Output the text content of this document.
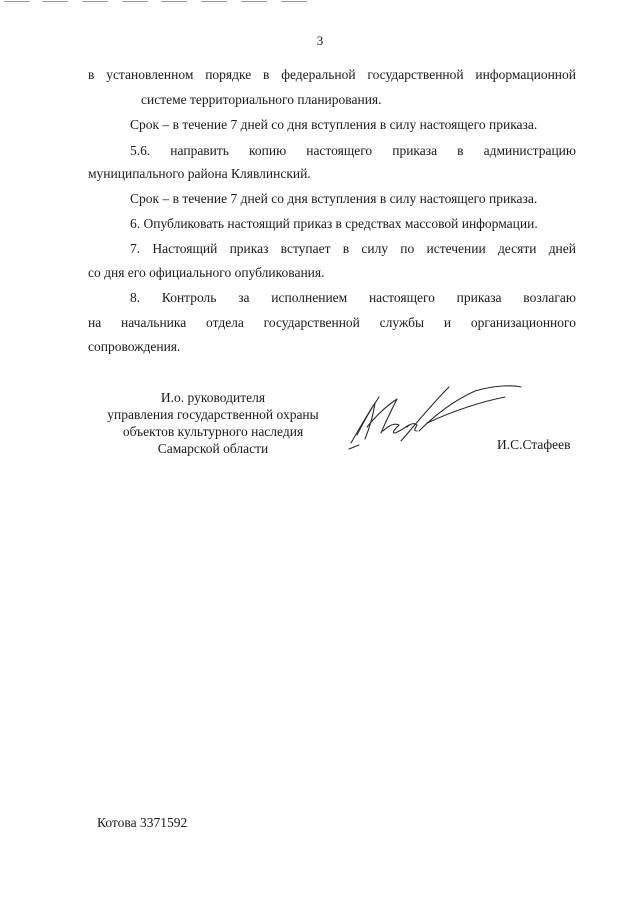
3

в установленном порядке в федеральной государственной информационной

системе территориального планирования.

Срок – в течение 7 дней со дня вступления в силу настоящего приказа.

5.6. направить копию настоящего приказа в администрацию

муниципального района Клявлинский.

Срок – в течение 7 дней со дня вступления в силу настоящего приказа.

6. Опубликовать настоящий приказ в средствах массовой информации.

7. Настоящий приказ вступает в силу по истечении десяти дней

со дня его официального опубликования.

8. Контроль за исполнением настоящего приказа возлагаю

на начальника отдела государственной службы и организационного

сопровождения.

И.о. руководителя
управления государственной охраны
объектов культурного наследия
Самарской области	И.С.Стафеев
Котова 3371592
